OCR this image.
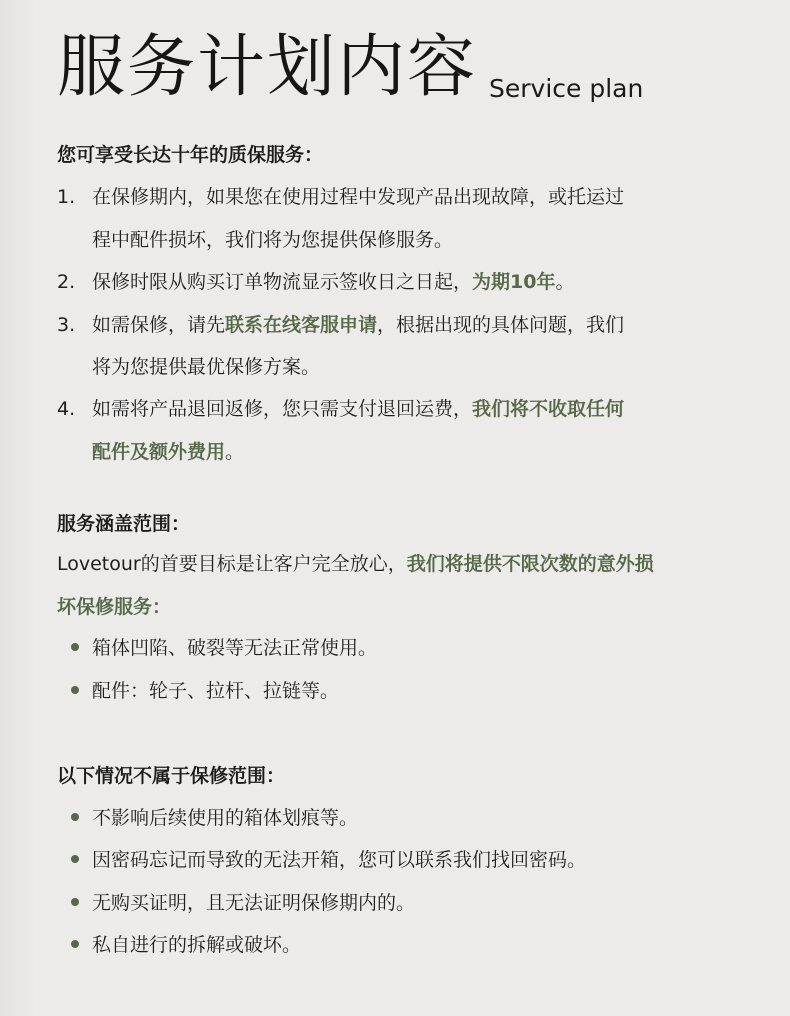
服务计划内容 Service plan
您可享受长达十年的质保服务：
1. 在保修期内，如果您在使用过程中发现产品出现故障，或托运过
程中配件损坏，我们将为您提供保修服务。
2. 保修时限从购买订单物流显示签收日之日起，为期10年。
3. 如需保修，请先联系在线客服申请，根据出现的具体问题，我们
将为您提供最优保修方案。
4. 如需将产品退回返修，您只需支付退回运费，我们将不收取任何
配件及额外费用。
服务涵盖范围：
Lovetour的首要目标是让客户完全放心，我们将提供不限次数的意外损
坏保修服务：
箱体凹陷、破裂等无法正常使用。
配件：轮子、拉杆、拉链等。
以下情况不属于保修范围：
不影响后续使用的箱体划痕等。
因密码忘记而导致的无法开箱，您可以联系我们找回密码。
无购买证明，且无法证明保修期内的。
私自进行的拆解或破坏。
